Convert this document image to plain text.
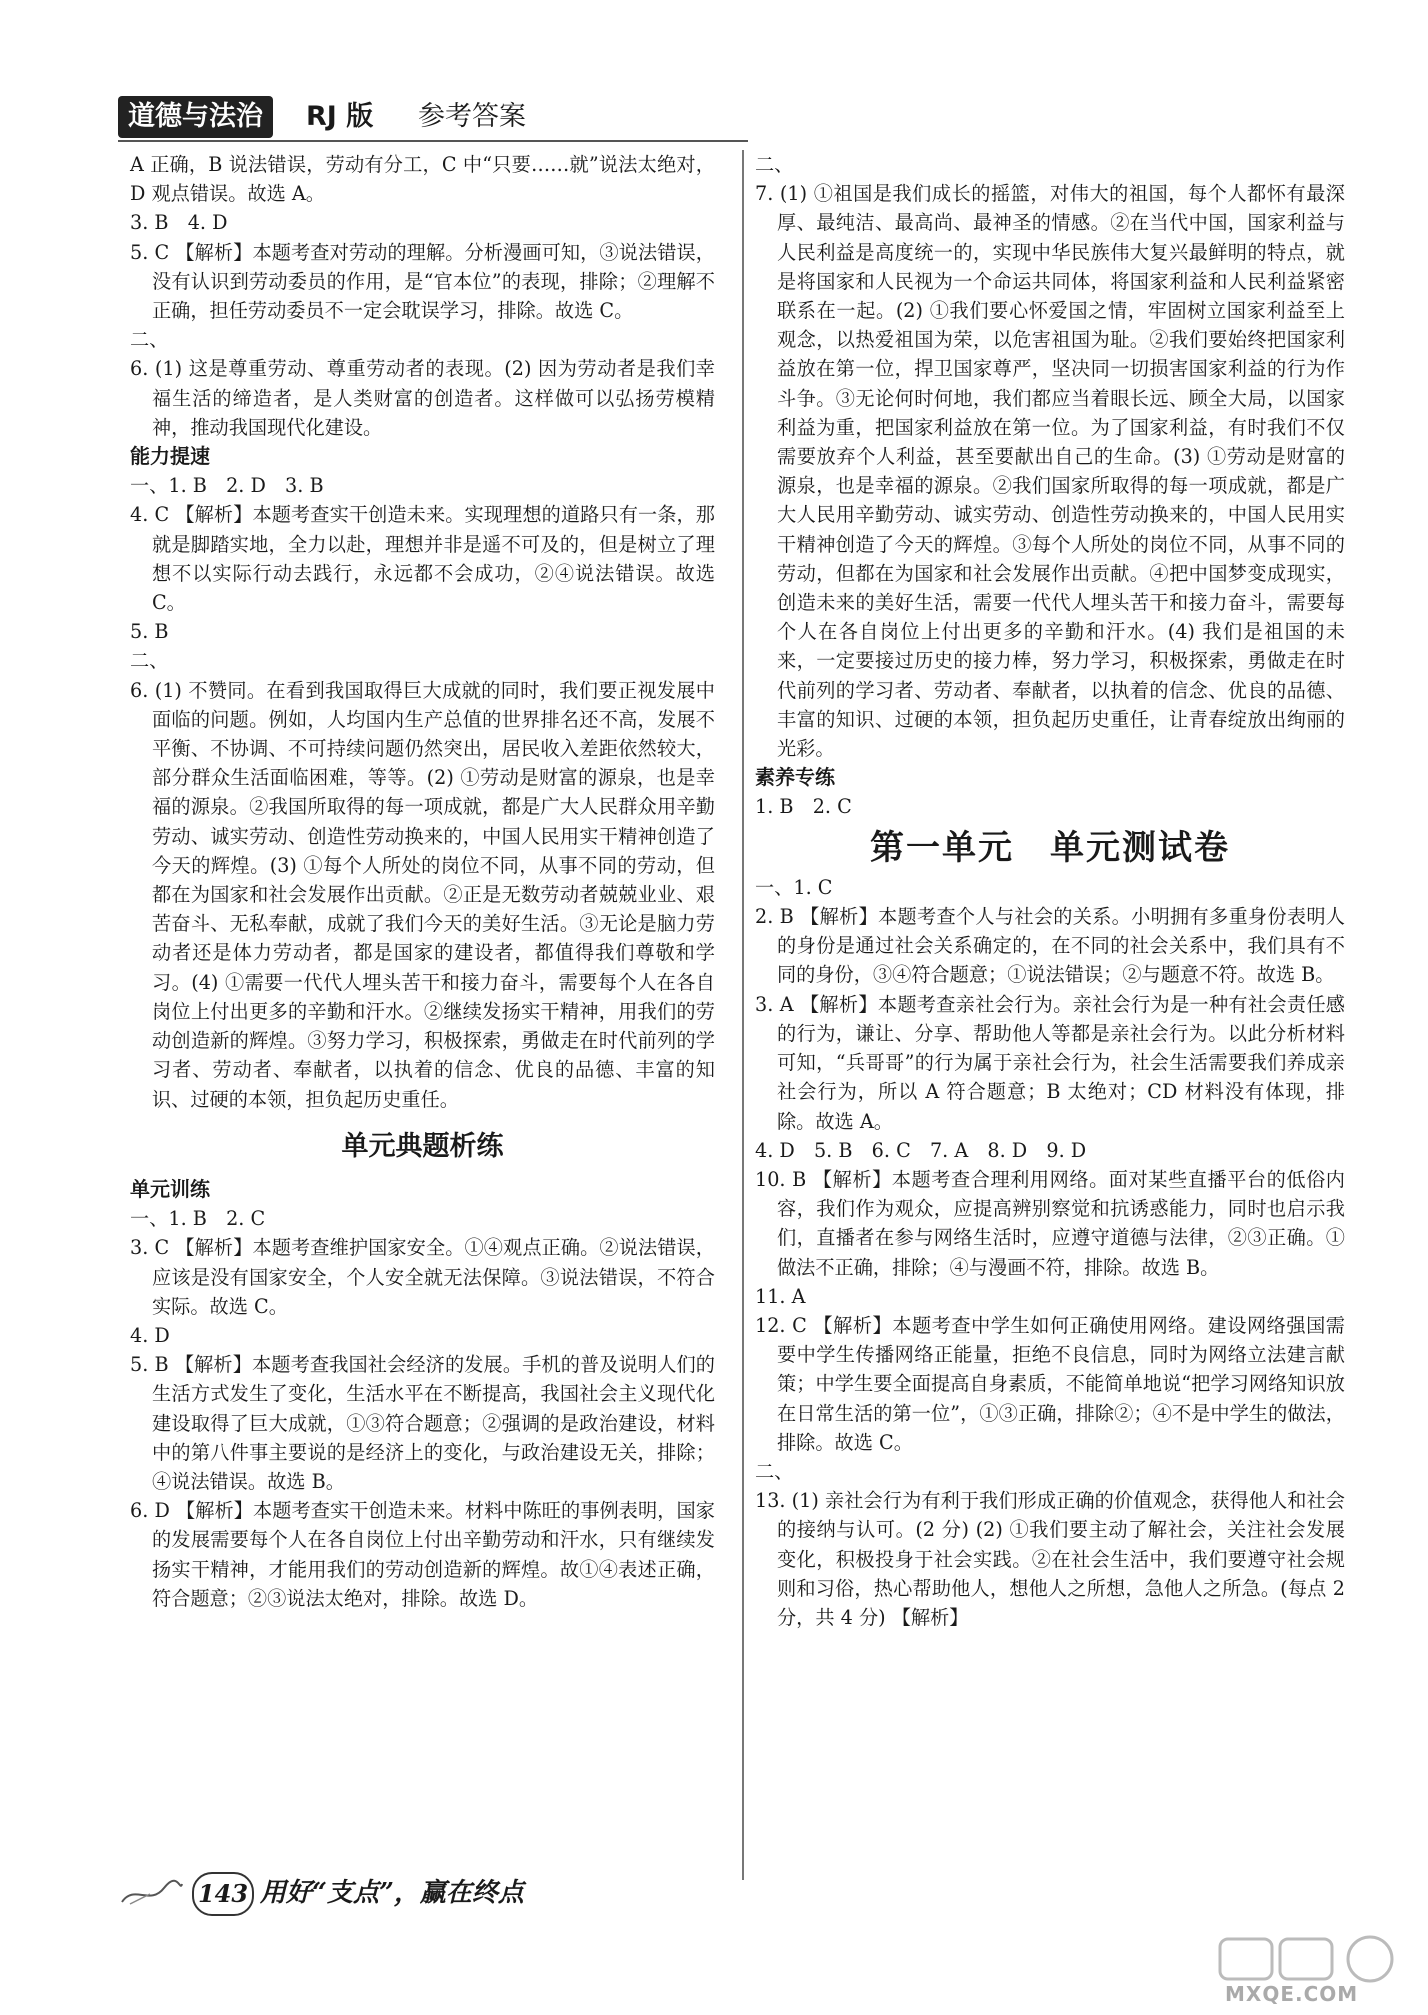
道德与法治	RJ 版 参考答案

A 正确，B 说法错误，劳动有分工，C 中“只要……就”说法太绝对，D 观点错误。故选 A。

3. B　4. D

5. C 【解析】本题考查对劳动的理解。分析漫画可知，③说法错误，没有认识到劳动委员的作用，是“官本位”的表现，排除；②理解不正确，担任劳动委员不一定会耽误学习，排除。故选 C。

二、

6. (1) 这是尊重劳动、尊重劳动者的表现。(2) 因为劳动者是我们幸福生活的缔造者，是人类财富的创造者。这样做可以弘扬劳模精神，推动我国现代化建设。

能力提速

一、1. B　2. D　3. B

4. C 【解析】本题考查实干创造未来。实现理想的道路只有一条，那就是脚踏实地，全力以赴，理想并非是遥不可及的，但是树立了理想不以实际行动去践行，永远都不会成功，②④说法错误。故选 C。

5. B

二、

6. (1) 不赞同。在看到我国取得巨大成就的同时，我们要正视发展中面临的问题。例如，人均国内生产总值的世界排名还不高，发展不平衡、不协调、不可持续问题仍然突出，居民收入差距依然较大，部分群众生活面临困难，等等。(2) ①劳动是财富的源泉，也是幸福的源泉。②我国所取得的每一项成就，都是广大人民群众用辛勤劳动、诚实劳动、创造性劳动换来的，中国人民用实干精神创造了今天的辉煌。(3) ①每个人所处的岗位不同，从事不同的劳动，但都在为国家和社会发展作出贡献。②正是无数劳动者兢兢业业、艰苦奋斗、无私奉献，成就了我们今天的美好生活。③无论是脑力劳动者还是体力劳动者，都是国家的建设者，都值得我们尊敬和学习。(4) ①需要一代代人埋头苦干和接力奋斗，需要每个人在各自岗位上付出更多的辛勤和汗水。②继续发扬实干精神，用我们的劳动创造新的辉煌。③努力学习，积极探索，勇做走在时代前列的学习者、劳动者、奉献者，以执着的信念、优良的品德、丰富的知识、过硬的本领，担负起历史重任。

单元典题析练

单元训练

一、1. B　2. C

3. C 【解析】本题考查维护国家安全。①④观点正确。②说法错误，应该是没有国家安全，个人安全就无法保障。③说法错误，不符合实际。故选 C。

4. D

5. B 【解析】本题考查我国社会经济的发展。手机的普及说明人们的生活方式发生了变化，生活水平在不断提高，我国社会主义现代化建设取得了巨大成就，①③符合题意；②强调的是政治建设，材料中的第八件事主要说的是经济上的变化，与政治建设无关，排除；④说法错误。故选 B。

6. D 【解析】本题考查实干创造未来。材料中陈旺的事例表明，国家的发展需要每个人在各自岗位上付出辛勤劳动和汗水，只有继续发扬实干精神，才能用我们的劳动创造新的辉煌。故①④表述正确，符合题意；②③说法太绝对，排除。故选 D。

二、

7. (1) ①祖国是我们成长的摇篮，对伟大的祖国，每个人都怀有最深厚、最纯洁、最高尚、最神圣的情感。②在当代中国，国家利益与人民利益是高度统一的，实现中华民族伟大复兴最鲜明的特点，就是将国家和人民视为一个命运共同体，将国家利益和人民利益紧密联系在一起。(2) ①我们要心怀爱国之情，牢固树立国家利益至上观念，以热爱祖国为荣，以危害祖国为耻。②我们要始终把国家利益放在第一位，捍卫国家尊严，坚决同一切损害国家利益的行为作斗争。③无论何时何地，我们都应当着眼长远、顾全大局，以国家利益为重，把国家利益放在第一位。为了国家利益，有时我们不仅需要放弃个人利益，甚至要献出自己的生命。(3) ①劳动是财富的源泉，也是幸福的源泉。②我们国家所取得的每一项成就，都是广大人民用辛勤劳动、诚实劳动、创造性劳动换来的，中国人民用实干精神创造了今天的辉煌。③每个人所处的岗位不同，从事不同的劳动，但都在为国家和社会发展作出贡献。④把中国梦变成现实，创造未来的美好生活，需要一代代人埋头苦干和接力奋斗，需要每个人在各自岗位上付出更多的辛勤和汗水。(4) 我们是祖国的未来，一定要接过历史的接力棒，努力学习，积极探索，勇做走在时代前列的学习者、劳动者、奉献者，以执着的信念、优良的品德、丰富的知识、过硬的本领，担负起历史重任，让青春绽放出绚丽的光彩。

素养专练

1. B　2. C

第一单元　单元测试卷

一、1. C

2. B 【解析】本题考查个人与社会的关系。小明拥有多重身份表明人的身份是通过社会关系确定的，在不同的社会关系中，我们具有不同的身份，③④符合题意；①说法错误；②与题意不符。故选 B。

3. A 【解析】本题考查亲社会行为。亲社会行为是一种有社会责任感的行为，谦让、分享、帮助他人等都是亲社会行为。以此分析材料可知，“兵哥哥”的行为属于亲社会行为，社会生活需要我们养成亲社会行为，所以 A 符合题意；B 太绝对；CD 材料没有体现，排除。故选 A。

4. D　5. B　6. C　7. A　8. D　9. D

10. B 【解析】本题考查合理利用网络。面对某些直播平台的低俗内容，我们作为观众，应提高辨别察觉和抗诱惑能力，同时也启示我们，直播者在参与网络生活时，应遵守道德与法律，②③正确。①做法不正确，排除；④与漫画不符，排除。故选 B。

11. A

12. C 【解析】本题考查中学生如何正确使用网络。建设网络强国需要中学生传播网络正能量，拒绝不良信息，同时为网络立法建言献策；中学生要全面提高自身素质，不能简单地说“把学习网络知识放在日常生活的第一位”，①③正确，排除②；④不是中学生的做法，排除。故选 C。

二、

13. (1) 亲社会行为有利于我们形成正确的价值观念，获得他人和社会的接纳与认可。(2 分) (2) ①我们要主动了解社会，关注社会发展变化，积极投身于社会实践。②在社会生活中，我们要遵守社会规则和习俗，热心帮助他人，想他人之所想，急他人之所急。(每点 2 分，共 4 分) 【解析】

143 用好“支点”，赢在终点
MXQE.COM
